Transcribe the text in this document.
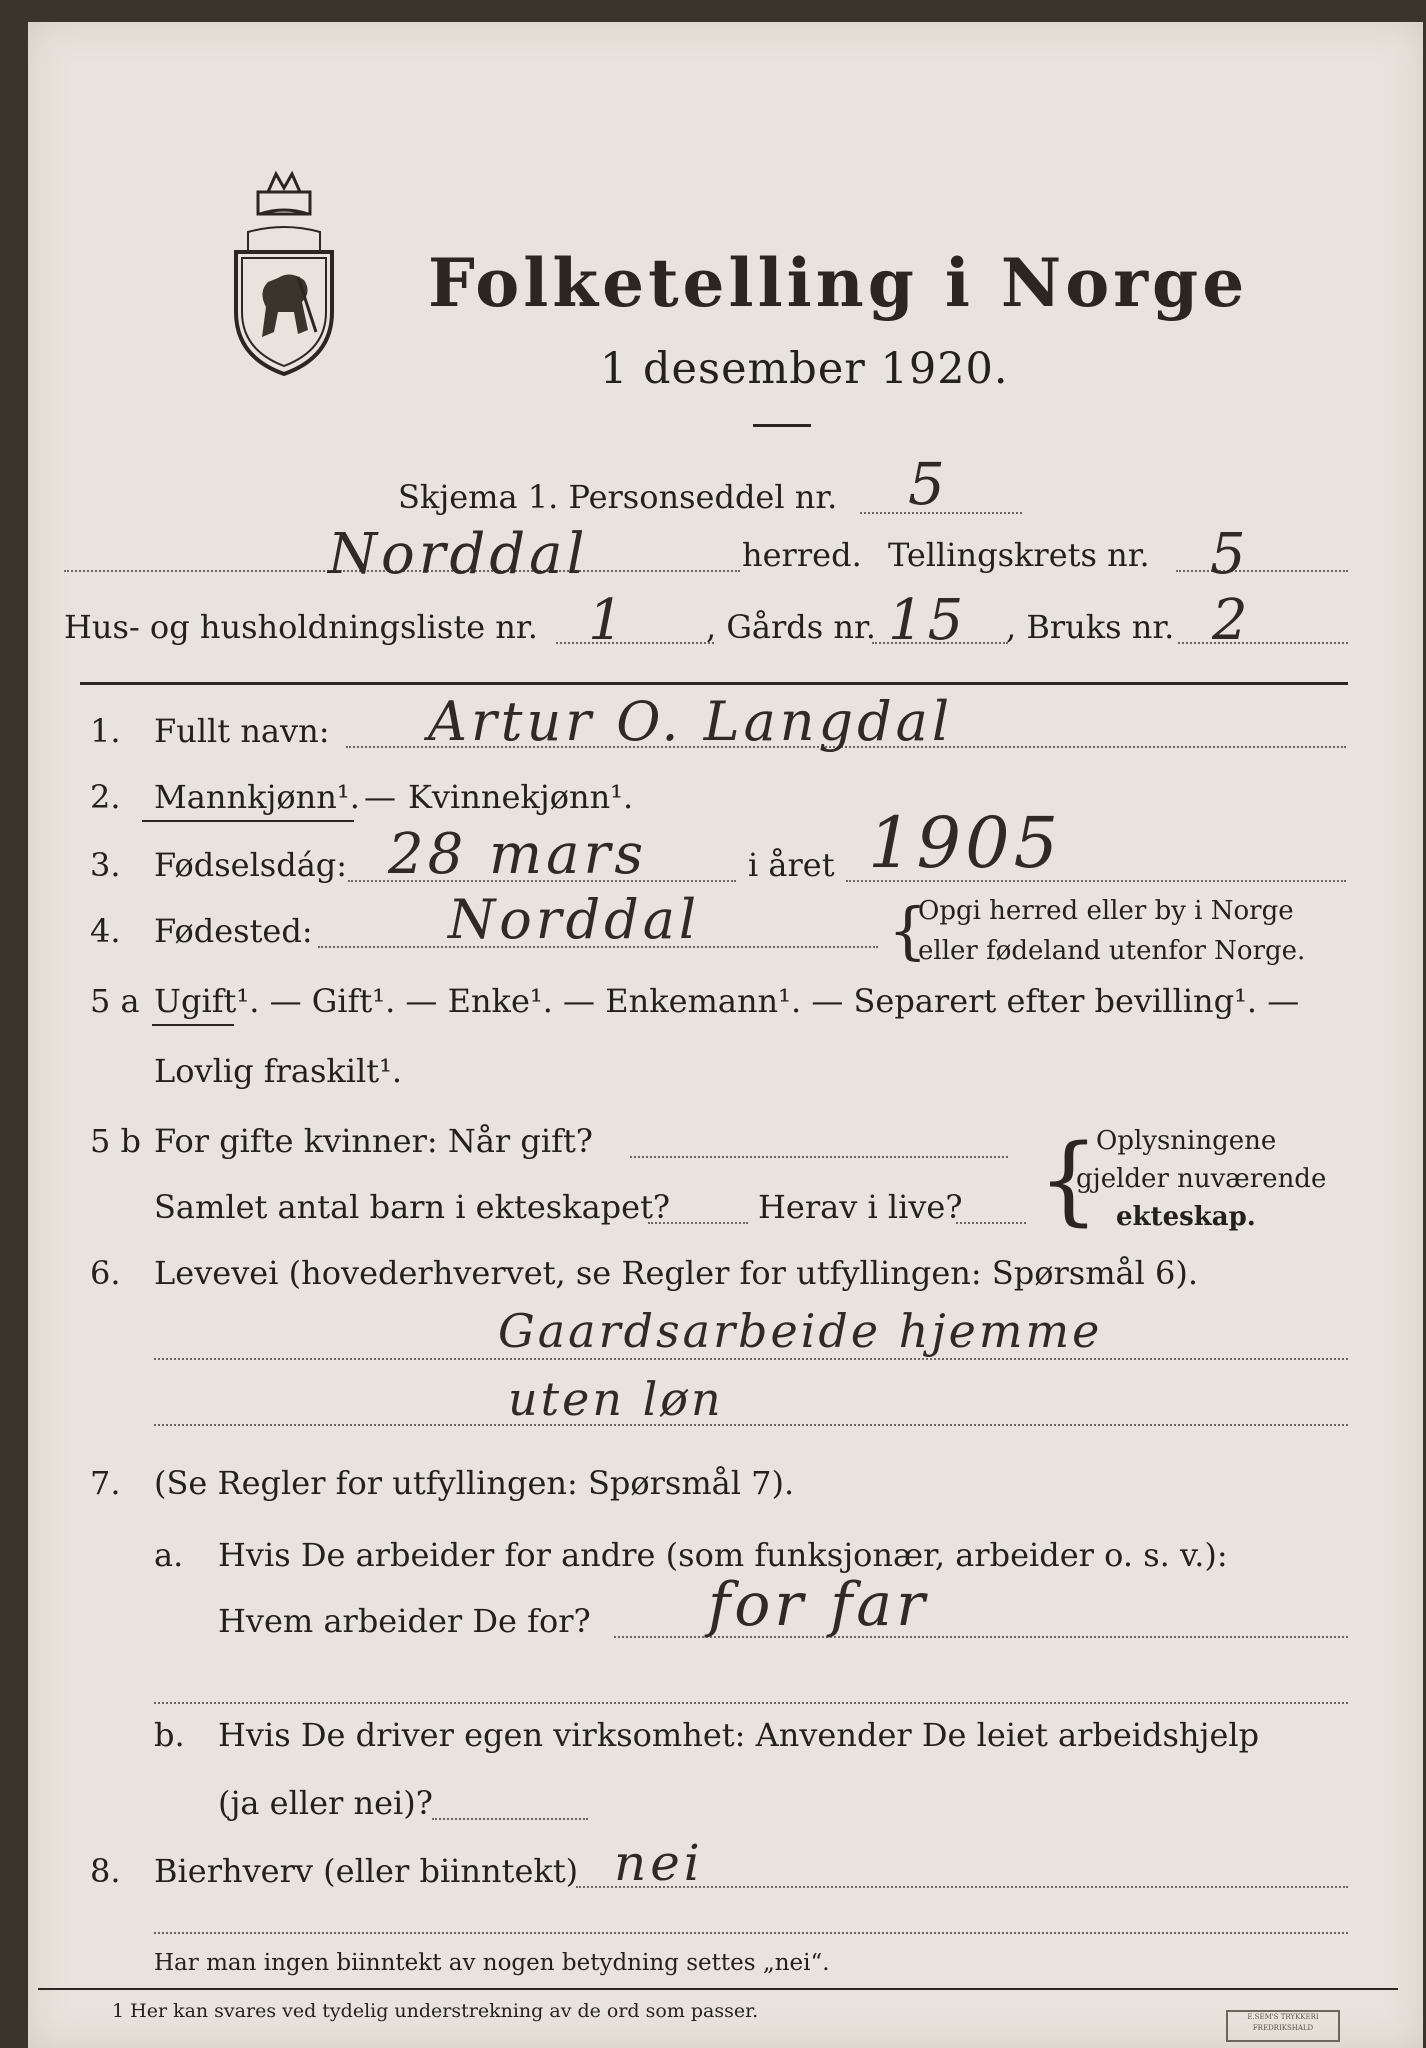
Folketelling i Norge
1 desember 1920.
Skjema 1. Personseddel nr. 5
Norddal	herred. Tellingskrets nr. 5
Hus- og husholdningsliste nr. 1 , Gårds nr. 15 , Bruks nr. 2
1. Fullt navn: Artur O. Langdal
2. Mannkjønn¹. — Kvinnekjønn¹.
3. Fødselsdág: 28 mars	i året 1905
4. Fødested:	Norddal	{
Opgi herred eller by i Norge
eller fødeland utenfor Norge.
5 a Ugift¹. — Gift¹. — Enke¹. — Enkemann¹. — Separert efter bevilling¹. —
Lovlig fraskilt¹.
5 b For gifte kvinner: Når gift?
Samlet antal barn i ekteskapet?	Herav i live? {
Oplysningene
gjelder nuværende
ekteskap.
6. Levevei (hovederhvervet, se Regler for utfyllingen: Spørsmål 6).
Gaardsarbeide hjemme
uten løn
7. (Se Regler for utfyllingen: Spørsmål 7).
a. Hvis De arbeider for andre (som funksjonær, arbeider o. s. v.):
Hvem arbeider De for? for far
b. Hvis De driver egen virksomhet: Anvender De leiet arbeidshjelp
(ja eller nei)?
8. Bierhverv (eller biinntekt) nei
Har man ingen biinntekt av nogen betydning settes „nei“.
1 Her kan svares ved tydelig understrekning av de ord som passer.	E.SEM'S TRYKKERI FREDRIKSHALD
